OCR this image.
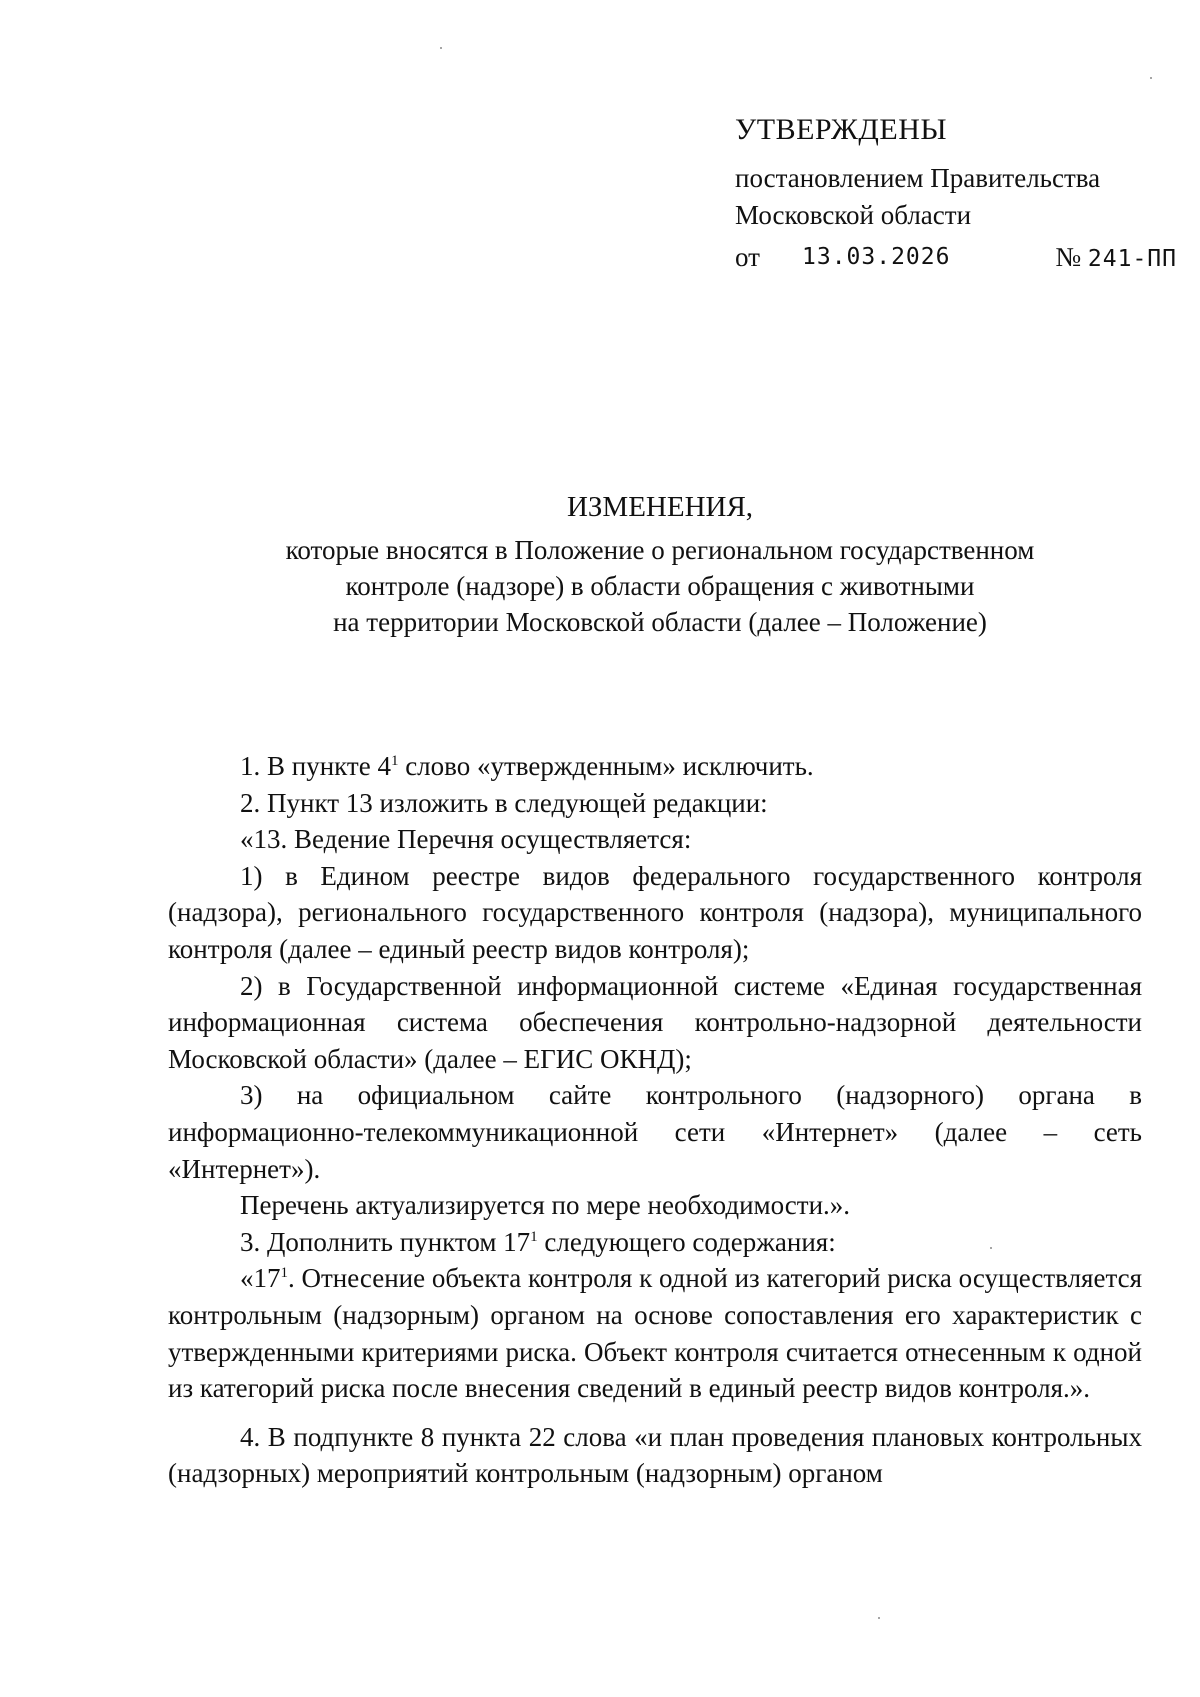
УТВЕРЖДЕНЫ
постановлением Правительства
Московской области
от 13.03.2026	№ 241-ПП
ИЗМЕНЕНИЯ,
которые вносятся в Положение о региональном государственном
контроле (надзоре) в области обращения с животными
на территории Московской области (далее – Положение)

1. В пункте $4^1$ слово «утвержденным» исключить.

2. Пункт 13 изложить в следующей редакции:

«13. Ведение Перечня осуществляется:

1) в Едином реестре видов федерального государственного контроля (надзора), регионального государственного контроля (надзора), муниципального контроля (далее – единый реестр видов контроля);

2) в Государственной информационной системе «Единая государственная информационная система обеспечения контрольно-надзорной деятельности Московской области» (далее – ЕГИС ОКНД);

3) на официальном сайте контрольного (надзорного) органа в информационно-телекоммуникационной сети «Интернет» (далее – сеть «Интернет»).

Перечень актуализируется по мере необходимости.».

3. Дополнить пунктом $17^1$ следующего содержания:

«$17^1$. Отнесение объекта контроля к одной из категорий риска осуществляется контрольным (надзорным) органом на основе сопоставления его характеристик с утвержденными критериями риска. Объект контроля считается отнесенным к одной из категорий риска после внесения сведений в единый реестр видов контроля.».

4. В подпункте 8 пункта 22 слова «и план проведения плановых контрольных (надзорных) мероприятий контрольным (надзорным) органом
